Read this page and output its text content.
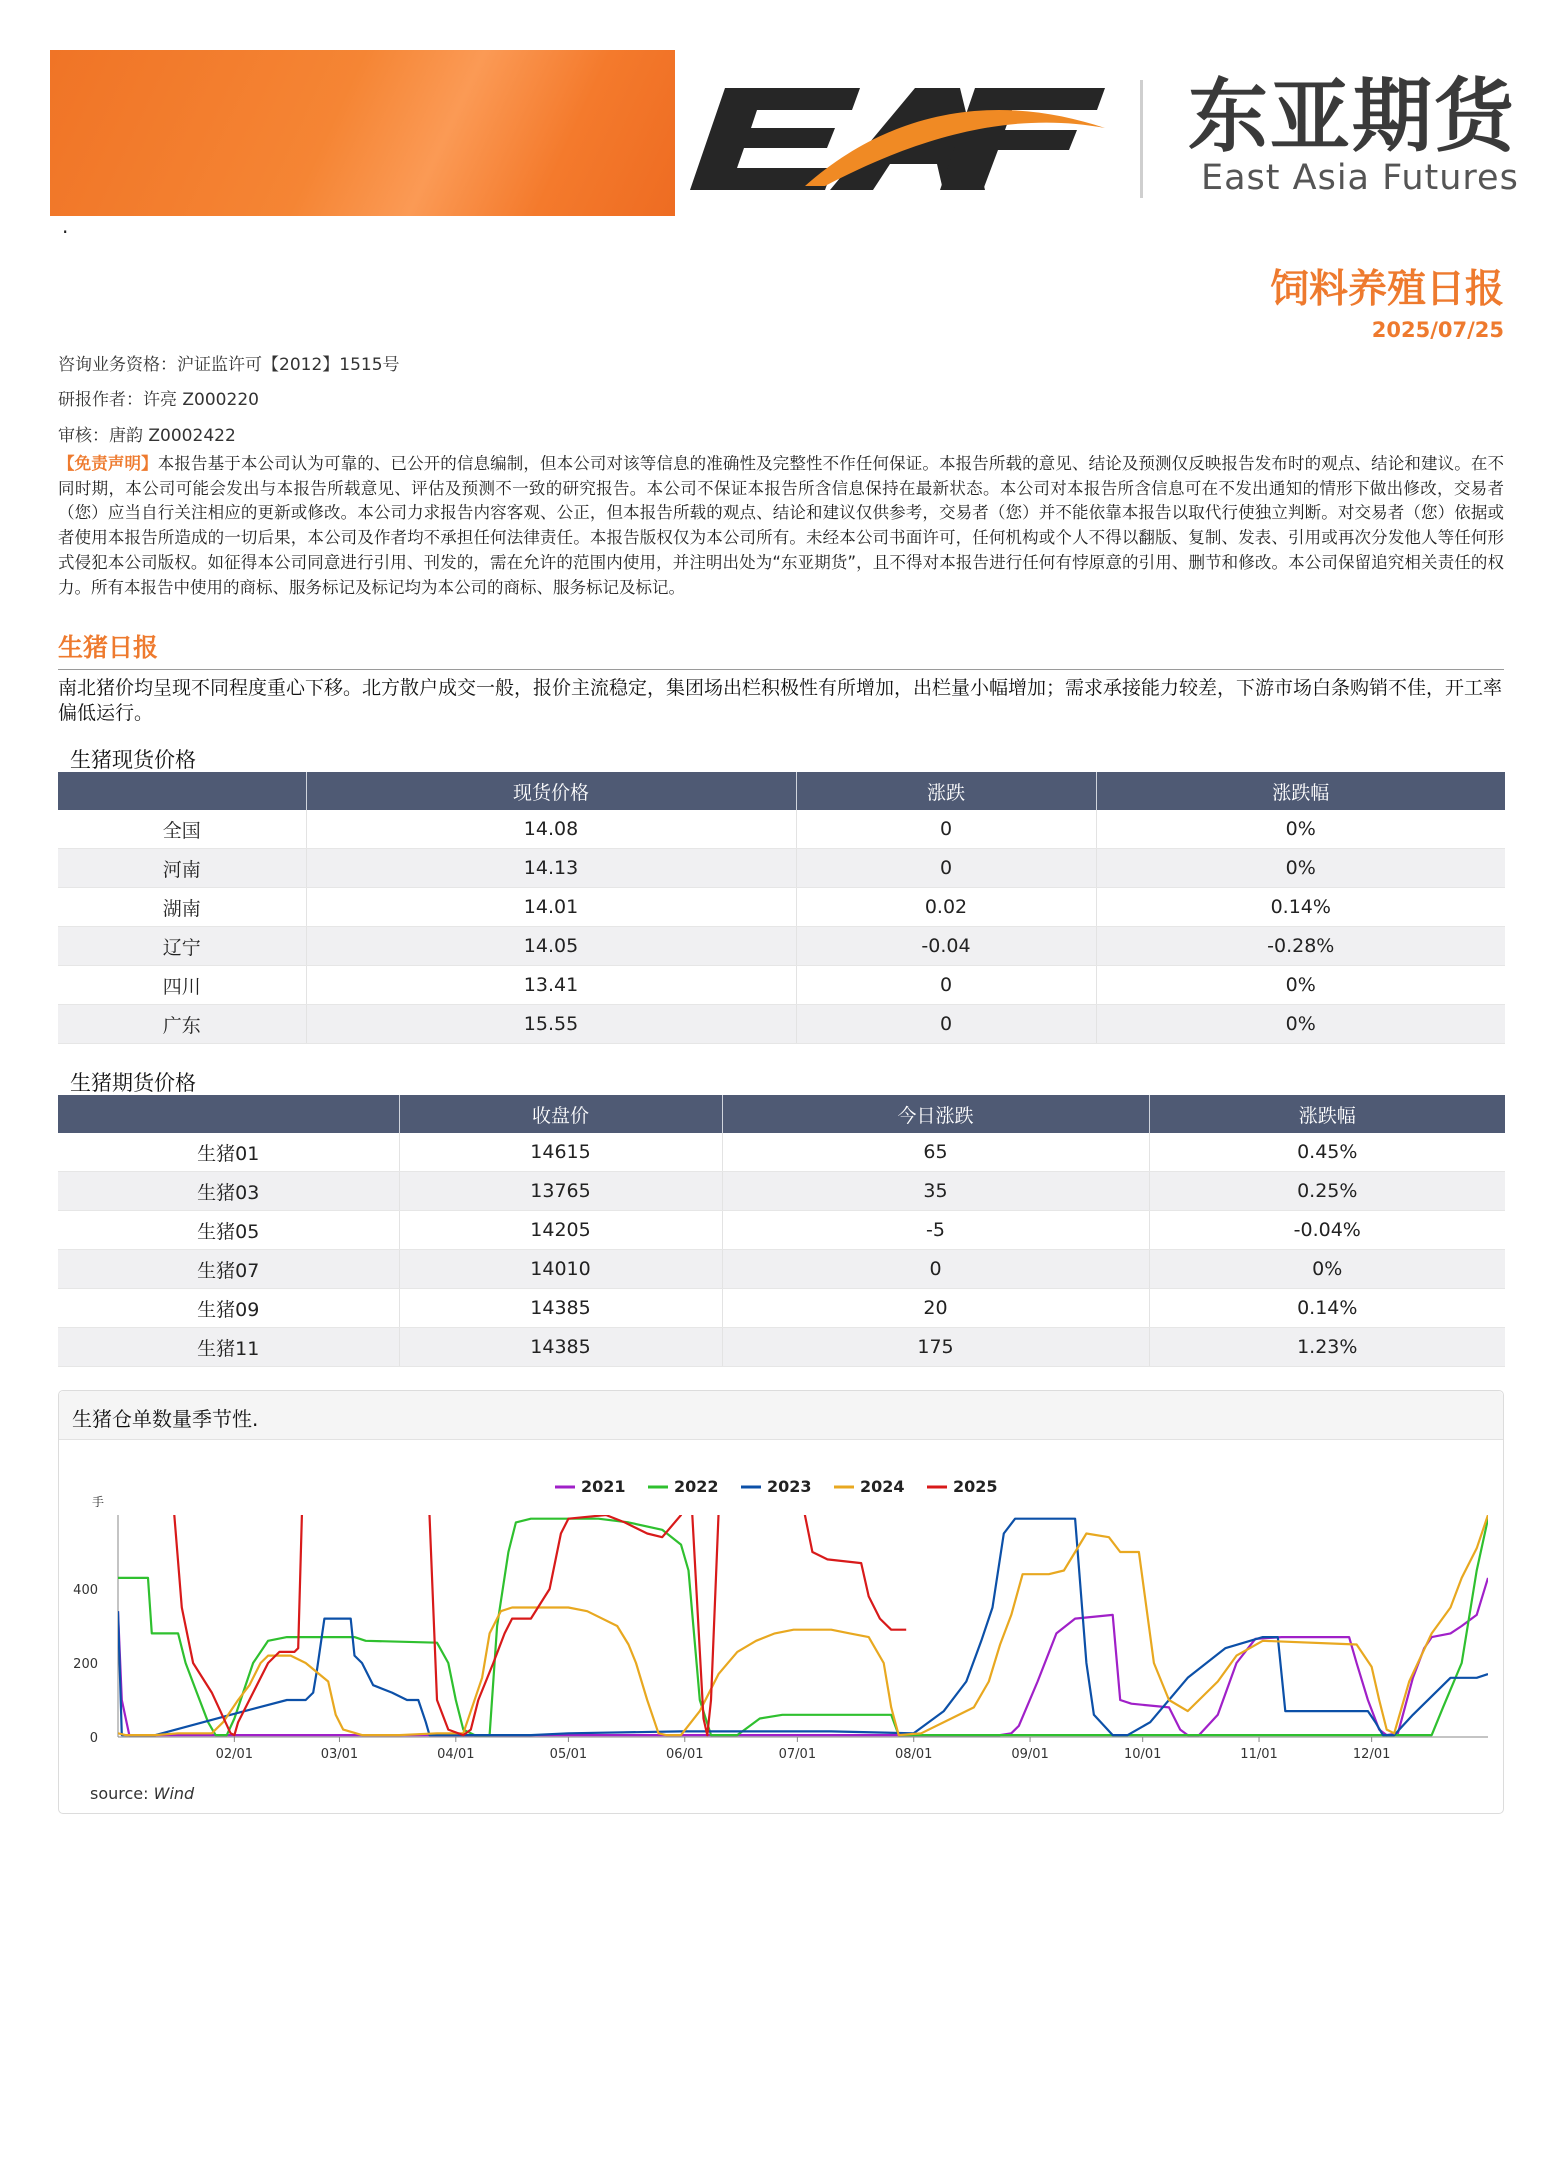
·
东亚期货
East Asia Futures
饲料养殖日报
2025/07/25
咨询业务资格：沪证监许可【2012】1515号
研报作者：许亮 Z000220
审核：唐韵 Z0002422
【免责声明】本报告基于本公司认为可靠的、已公开的信息编制，但本公司对该等信息的准确性及完整性不作任何保证。本报告所载的意见、结论及预测仅反映报告发布时的观点、结论和建议。在不同时期，本公司可能会发出与本报告所载意见、评估及预测不一致的研究报告。本公司不保证本报告所含信息保持在最新状态。本公司对本报告所含信息可在不发出通知的情形下做出修改，交易者（您）应当自行关注相应的更新或修改。本公司力求报告内容客观、公正，但本报告所载的观点、结论和建议仅供参考，交易者（您）并不能依靠本报告以取代行使独立判断。对交易者（您）依据或者使用本报告所造成的一切后果，本公司及作者均不承担任何法律责任。本报告版权仅为本公司所有。未经本公司书面许可，任何机构或个人不得以翻版、复制、发表、引用或再次分发他人等任何形式侵犯本公司版权。如征得本公司同意进行引用、刊发的，需在允许的范围内使用，并注明出处为“东亚期货”，且不得对本报告进行任何有悖原意的引用、删节和修改。本公司保留追究相关责任的权力。所有本报告中使用的商标、服务标记及标记均为本公司的商标、服务标记及标记。
生猪日报
南北猪价均呈现不同程度重心下移。北方散户成交一般，报价主流稳定，集团场出栏积极性有所增加，出栏量小幅增加；需求承接能力较差，下游市场白条购销不佳，开工率偏低运行。
生猪现货价格
	现货价格	涨跌	涨跌幅
全国	14.08	0	0%
河南	14.13	0	0%
湖南	14.01	0.02	0.14%
辽宁	14.05	-0.04	-0.28%
四川	13.41	0	0%
广东	15.55	0	0%
生猪期货价格
	收盘价	今日涨跌	涨跌幅
生猪01	14615	65	0.45%
生猪03	13765	35	0.25%
生猪05	14205	-5	-0.04%
生猪07	14010	0	0%
生猪09	14385	20	0.14%
生猪11	14385	175	1.23%
生猪仓单数量季节性.
手
0
200
400
02/01	03/01	04/01	05/01	06/01	07/01	08/01	09/01	10/01	11/01	12/01
2021	2022	2023	2024	2025
source: Wind
